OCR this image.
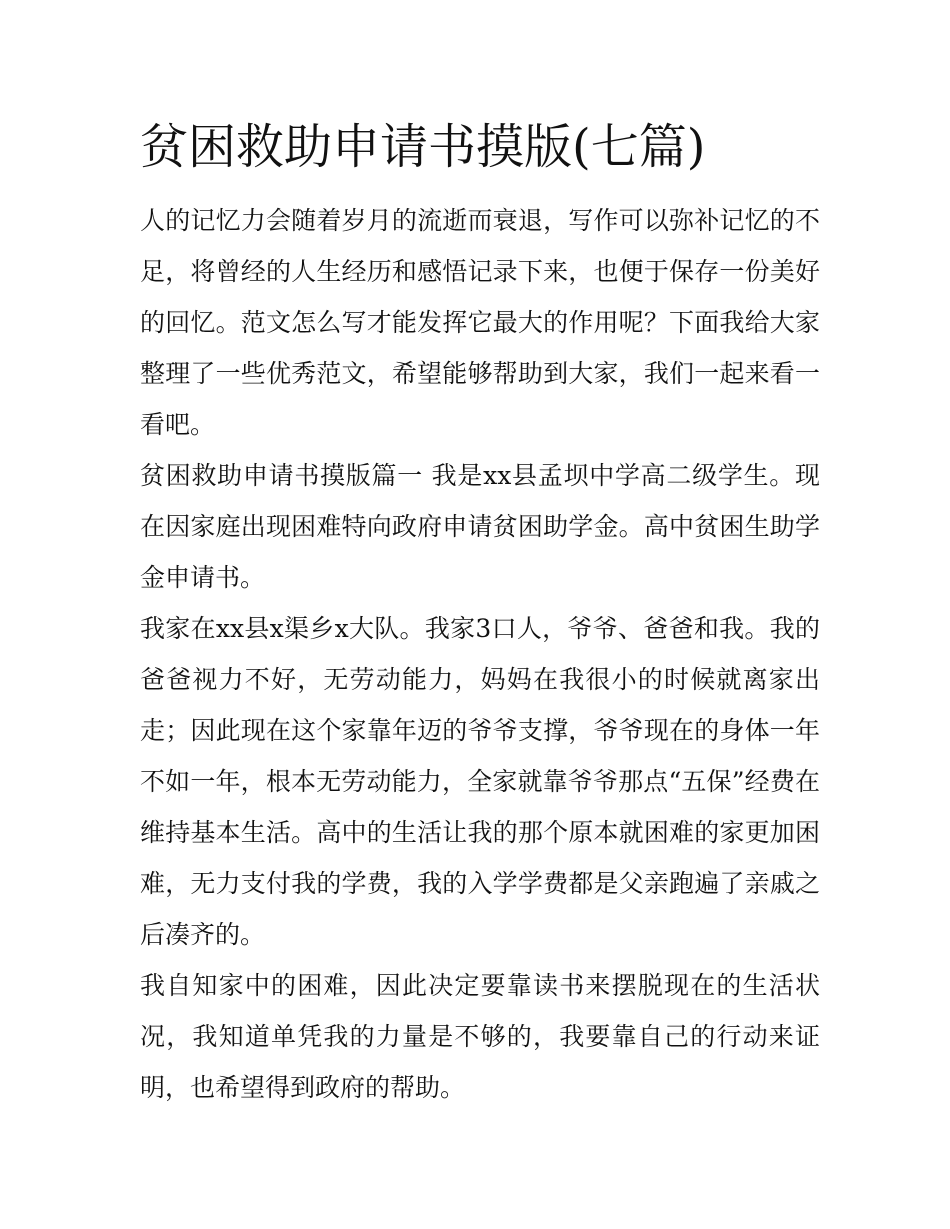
贫困救助申请书摸版(七篇)

人的记忆力会随着岁月的流逝而衰退，写作可以弥补记忆的不足，将曾经的人生经历和感悟记录下来，也便于保存一份美好的回忆。范文怎么写才能发挥它最大的作用呢？下面我给大家整理了一些优秀范文，希望能够帮助到大家，我们一起来看一看吧。

贫困救助申请书摸版篇一 我是xx县孟坝中学高二级学生。现在因家庭出现困难特向政府申请贫困助学金。高中贫困生助学金申请书。

我家在xx县x渠乡x大队。我家3口人，爷爷、爸爸和我。我的爸爸视力不好，无劳动能力，妈妈在我很小的时候就离家出走；因此现在这个家靠年迈的爷爷支撑，爷爷现在的身体一年不如一年，根本无劳动能力，全家就靠爷爷那点“五保”经费在维持基本生活。高中的生活让我的那个原本就困难的家更加困难，无力支付我的学费，我的入学学费都是父亲跑遍了亲戚之后凑齐的。

我自知家中的困难，因此决定要靠读书来摆脱现在的生活状况，我知道单凭我的力量是不够的，我要靠自己的行动来证明，也希望得到政府的帮助。
